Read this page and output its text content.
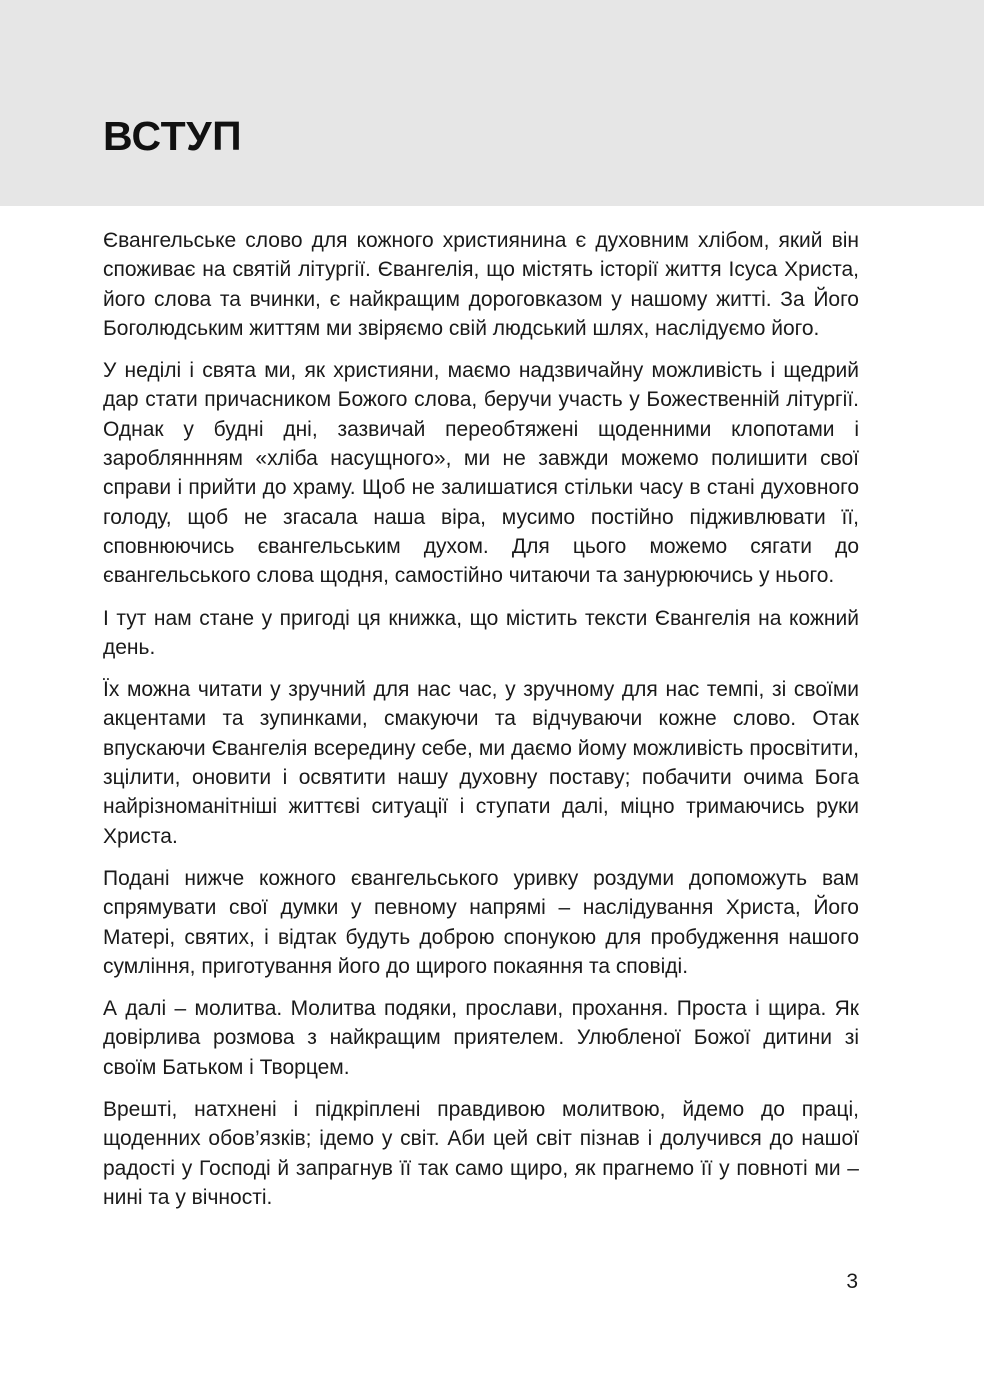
ВСТУП

Євангельське слово для кожного християнина є духовним хлібом, який він споживає на святій літургії. Євангелія, що містять історії життя Ісуса Христа, його слова та вчинки, є найкращим дороговказом у нашому житті. За Його Боголюдським життям ми звіряємо свій людський шлях, наслідуємо його.

У неділі і свята ми, як християни, маємо надзвичайну можливість і щедрий дар стати причасником Божого слова, беручи участь у Божественній літургії. Однак у будні дні, зазвичай переобтяжені щоденними клопотами і заробляннням «хліба насущного», ми не завжди можемо полишити свої справи і прийти до храму. Щоб не залишатися стільки часу в стані духовного голоду, щоб не згасала наша віра, мусимо постійно підживлювати її, сповнюючись євангельським духом. Для цього можемо сягати до євангельського слова щодня, самостійно читаючи та занурюючись у нього.

І тут нам стане у пригоді ця книжка, що містить тексти Євангелія на кожний день.

Їх можна читати у зручний для нас час, у зручному для нас темпі, зі своїми акцентами та зупинками, смакуючи та відчуваючи кожне слово. Отак впускаючи Євангелія всередину себе, ми даємо йому можливість просвітити, зцілити, оновити і освятити нашу духовну поставу; побачити очима Бога найрізноманітніші життєві ситуації і ступати далі, міцно тримаючись руки Христа.

Подані нижче кожного євангельського уривку роздуми допоможуть вам спрямувати свої думки у певному напрямі – наслідування Христа, Його Матері, святих, і відтак будуть доброю спонукою для пробудження нашого сумління, приготування його до щирого покаяння та сповіді.

А далі – молитва. Молитва подяки, прослави, прохання. Проста і щира. Як довірлива розмова з найкращим приятелем. Улюбленої Божої дитини зі своїм Батьком і Творцем.

Врешті, натхнені і підкріплені правдивою молитвою, йдемо до праці, щоденних обов’язків; ідемо у світ. Аби цей світ пізнав і долучився до нашої радості у Господі й запрагнув її так само щиро, як прагнемо її у повноті ми – нині та у вічності.

3
